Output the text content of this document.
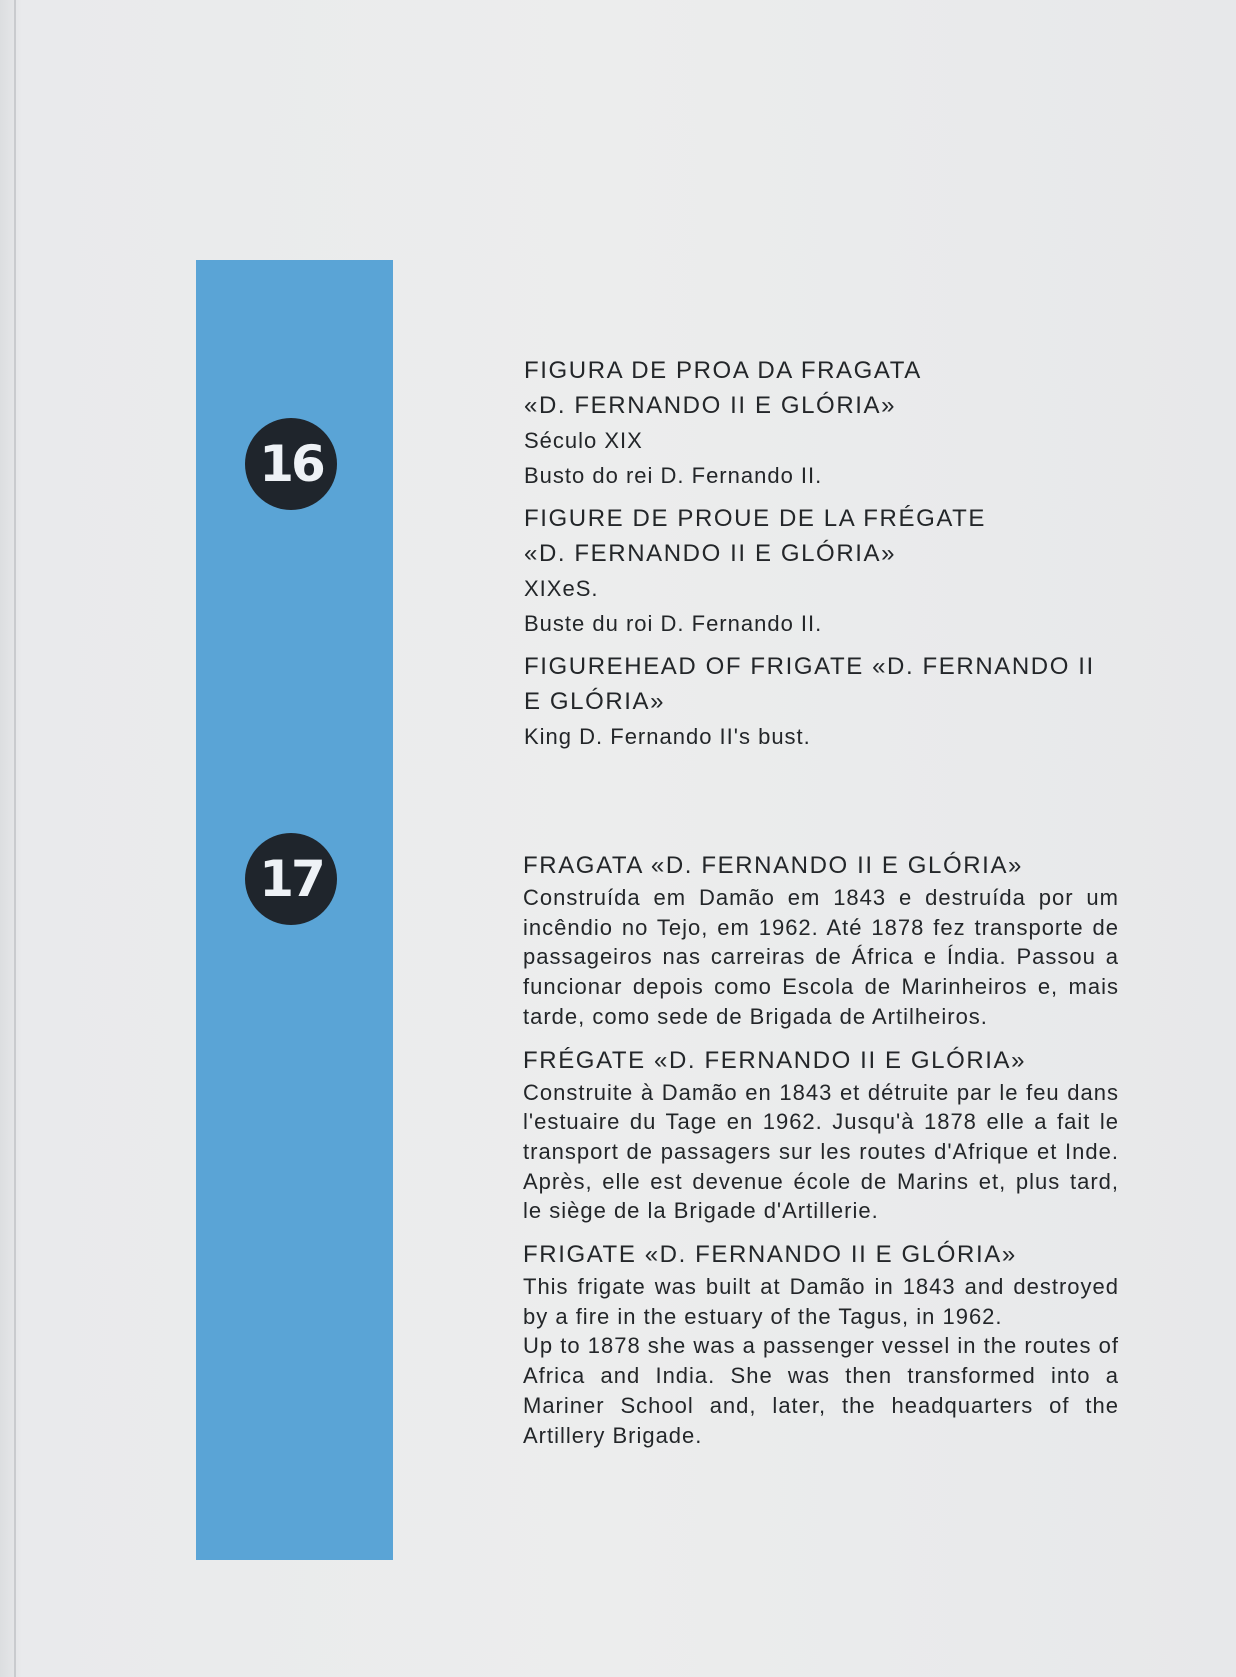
16
17
FIGURA DE PROA DA FRAGATA
«D. FERNANDO II E GLÓRIA»

Século XIX

Busto do rei D. Fernando II.

FIGURE DE PROUE DE LA FRÉGATE
«D. FERNANDO II E GLÓRIA»

XIXeS.

Buste du roi D. Fernando II.

FIGUREHEAD OF FRIGATE «D. FERNANDO II
E GLÓRIA»

King D. Fernando II's bust.

FRAGATA «D. FERNANDO II E GLÓRIA»

Construída em Damão em 1843 e destruída por um incêndio no Tejo, em 1962. Até 1878 fez transporte de passageiros nas carreiras de África e Índia. Passou a funcionar depois como Escola de Marinheiros e, mais tarde, como sede de Brigada de Artilheiros.

FRÉGATE «D. FERNANDO II E GLÓRIA»

Construite à Damão en 1843 et détruite par le feu dans l'estuaire du Tage en 1962. Jusqu'à 1878 elle a fait le transport de passagers sur les routes d'Afrique et Inde. Après, elle est devenue école de Marins et, plus tard, le siège de la Brigade d'Artillerie.

FRIGATE «D. FERNANDO II E GLÓRIA»

This frigate was built at Damão in 1843 and destroyed by a fire in the estuary of the Tagus, in 1962.

Up to 1878 she was a passenger vessel in the routes of Africa and India. She was then transformed into a Mariner School and, later, the headquarters of the Artillery Brigade.
